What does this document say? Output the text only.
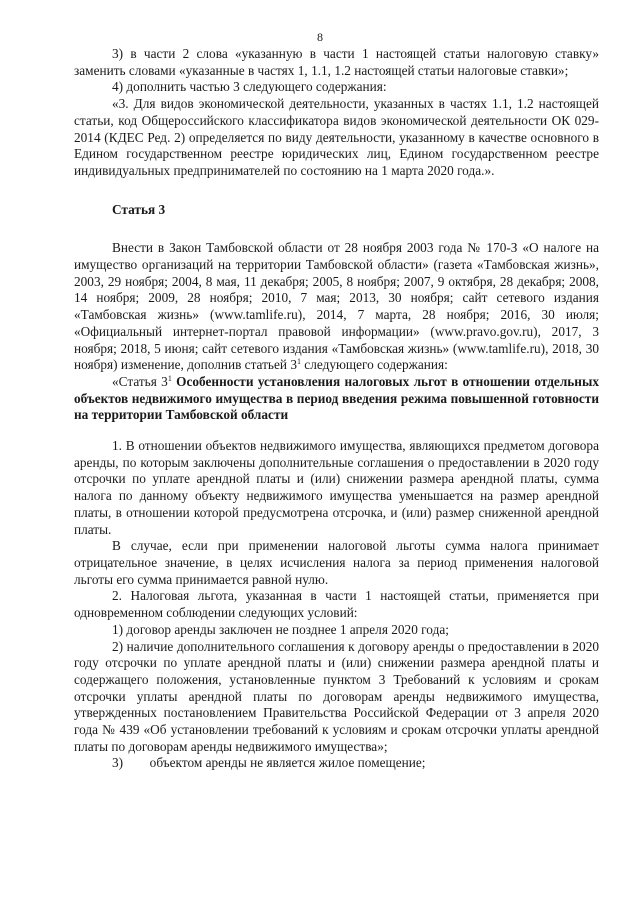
8

3) в части 2 слова «указанную в части 1 настоящей статьи налоговую ставку» заменить словами «указанные в частях 1, 1.1, 1.2 настоящей статьи налоговые ставки»;

4) дополнить частью 3 следующего содержания:

«3. Для видов экономической деятельности, указанных в частях 1.1, 1.2 настоящей статьи, код Общероссийского классификатора видов экономической деятельности ОК 029-2014 (КДЕС Ред. 2) определяется по виду деятельности, указанному в качестве основного в Едином государственном реестре юридических лиц, Едином государственном реестре индивидуальных предпринимателей по состоянию на 1 марта 2020 года.».

Статья 3

Внести в Закон Тамбовской области от 28 ноября 2003 года № 170-З «О налоге на имущество организаций на территории Тамбовской области» (газета «Тамбовская жизнь», 2003, 29 ноября; 2004, 8 мая, 11 декабря; 2005, 8 ноября; 2007, 9 октября, 28 декабря; 2008, 14 ноября; 2009, 28 ноября; 2010, 7 мая; 2013, 30 ноября; сайт сетевого издания «Тамбовская жизнь» (www.tamlife.ru), 2014, 7 марта, 28 ноября; 2016, 30 июля; «Официальный интернет-портал правовой информации» (www.pravo.gov.ru), 2017, 3 ноября; 2018, 5 июня; сайт сетевого издания «Тамбовская жизнь» (www.tamlife.ru), 2018, 30 ноября) изменение, дополнив статьей $3^1$ следующего содержания:

«Статья $3^1$ Особенности установления налоговых льгот в отношении отдельных объектов недвижимого имущества в период введения режима повышенной готовности на территории Тамбовской области

1. В отношении объектов недвижимого имущества, являющихся предметом договора аренды, по которым заключены дополнительные соглашения о предоставлении в 2020 году отсрочки по уплате арендной платы и (или) снижении размера арендной платы, сумма налога по данному объекту недвижимого имущества уменьшается на размер арендной платы, в отношении которой предусмотрена отсрочка, и (или) размер сниженной арендной платы.

В случае, если при применении налоговой льготы сумма налога принимает отрицательное значение, в целях исчисления налога за период применения налоговой льготы его сумма принимается равной нулю.

2. Налоговая льгота, указанная в части 1 настоящей статьи, применяется при одновременном соблюдении следующих условий:

1) договор аренды заключен не позднее 1 апреля 2020 года;

2) наличие дополнительного соглашения к договору аренды о предоставлении в 2020 году отсрочки по уплате арендной платы и (или) снижении размера арендной платы и содержащего положения, установленные пунктом 3 Требований к условиям и срокам отсрочки уплаты арендной платы по договорам аренды недвижимого имущества, утвержденных постановлением Правительства Российской Федерации от 3 апреля 2020 года № 439 «Об установлении требований к условиям и срокам отсрочки уплаты арендной платы по договорам аренды недвижимого имущества»;

3)        объектом аренды не является жилое помещение;
